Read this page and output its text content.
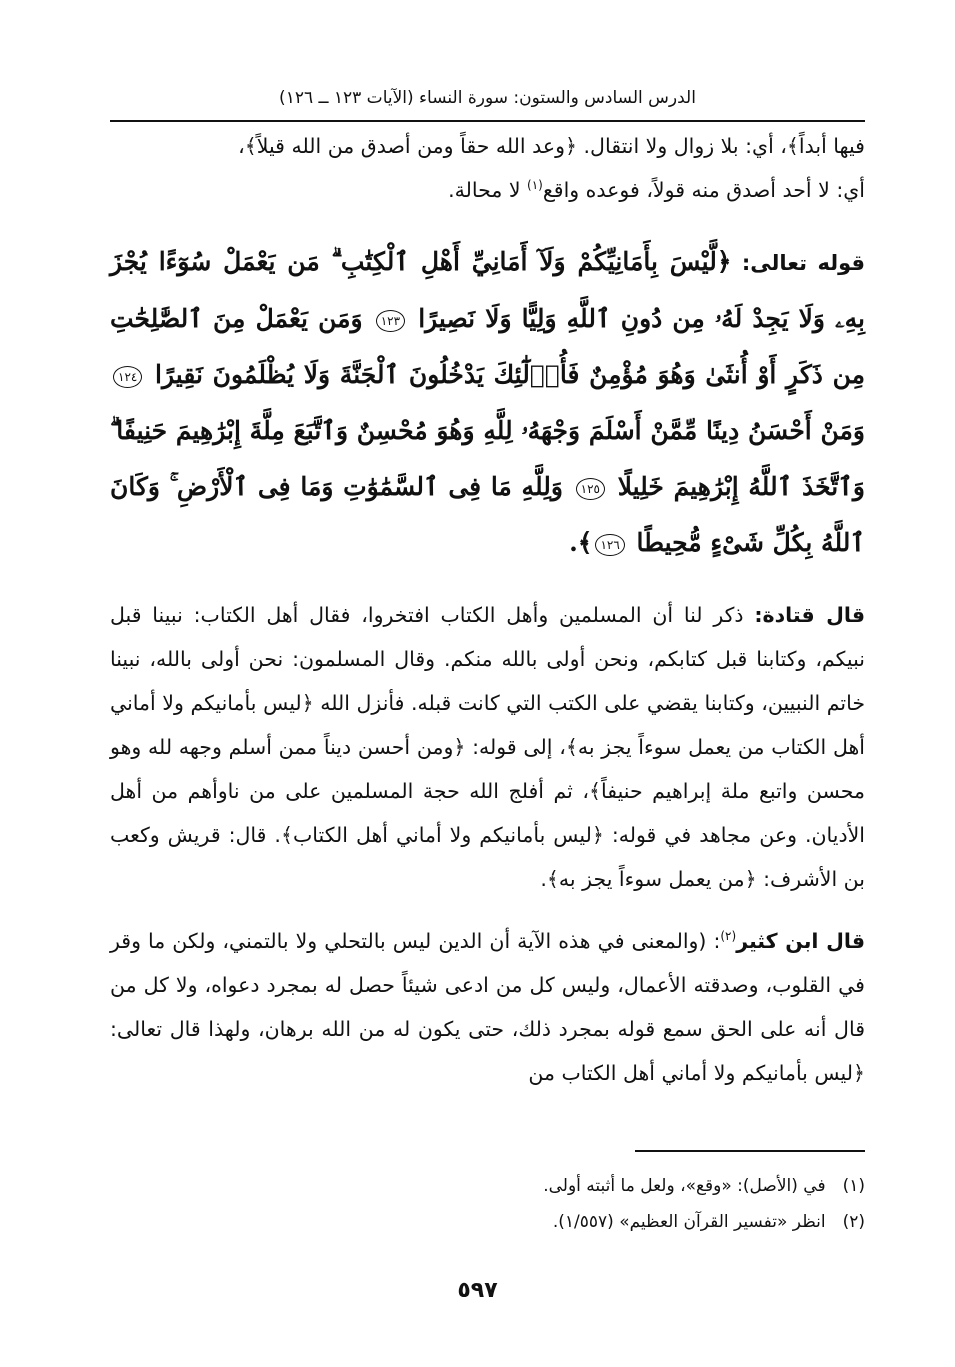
الدرس السادس والستون: سورة النساء (الآيات ١٢٣ ــ ١٢٦)

فيها أبداً﴾، أي: بلا زوال ولا انتقال. ﴿وعد الله حقاً ومن أصدق من الله قيلاً﴾،
أي: لا أحد أصدق منه قولاً، فوعده واقع$^{(١)}$ لا محالة.

قوله تعالى: ﴿لَّيْسَ بِأَمَانِيِّكُمْ وَلَآ أَمَانِيِّ أَهْلِ ٱلْكِتَٰبِ ۗ مَن يَعْمَلْ سُوٓءًا يُجْزَ بِهِۦ وَلَا يَجِدْ لَهُۥ مِن دُونِ ٱللَّهِ وَلِيًّا وَلَا نَصِيرًا ١٢٣ وَمَن يَعْمَلْ مِنَ ٱلصَّٰلِحَٰتِ مِن ذَكَرٍ أَوْ أُنثَىٰ وَهُوَ مُؤْمِنٌ فَأُو۟لَٰٓئِكَ يَدْخُلُونَ ٱلْجَنَّةَ وَلَا يُظْلَمُونَ نَقِيرًا ١٢٤ وَمَنْ أَحْسَنُ دِينًا مِّمَّنْ أَسْلَمَ وَجْهَهُۥ لِلَّهِ وَهُوَ مُحْسِنٌ وَٱتَّبَعَ مِلَّةَ إِبْرَٰهِيمَ حَنِيفًا ۗ وَٱتَّخَذَ ٱللَّهُ إِبْرَٰهِيمَ خَلِيلًا ١٢٥ وَلِلَّهِ مَا فِى ٱلسَّمَٰوَٰتِ وَمَا فِى ٱلْأَرْضِ ۚ وَكَانَ ٱللَّهُ بِكُلِّ شَىْءٍ مُّحِيطًا ١٢٦﴾.

قال قتادة: ذكر لنا أن المسلمين وأهل الكتاب افتخروا، فقال أهل الكتاب: نبينا قبل نبيكم، وكتابنا قبل كتابكم، ونحن أولى بالله منكم. وقال المسلمون: نحن أولى بالله، نبينا خاتم النبيين، وكتابنا يقضي على الكتب التي كانت قبله. فأنزل الله ﴿ليس بأمانيكم ولا أماني أهل الكتاب من يعمل سوءاً يجز به﴾، إلى قوله: ﴿ومن أحسن ديناً ممن أسلم وجهه لله وهو محسن واتبع ملة إبراهيم حنيفاً﴾، ثم أفلج الله حجة المسلمين على من ناوأهم من أهل الأديان. وعن مجاهد في قوله: ﴿ليس بأمانيكم ولا أماني أهل الكتاب﴾. قال: قريش وكعب بن الأشرف: ﴿من يعمل سوءاً يجز به﴾.

قال ابن كثير$^{(٢)}$: (والمعنى في هذه الآية أن الدين ليس بالتحلي ولا بالتمني، ولكن ما وقر في القلوب، وصدقته الأعمال، وليس كل من ادعى شيئاً حصل له بمجرد دعواه، ولا كل من قال أنه على الحق سمع قوله بمجرد ذلك، حتى يكون له من الله برهان، ولهذا قال تعالى: ﴿ليس بأمانيكم ولا أماني أهل الكتاب من

(١) في (الأصل): «وقع»، ولعل ما أثبته أولى.

(٢) انظر «تفسير القرآن العظيم» (١/٥٥٧).

٥٩٧
